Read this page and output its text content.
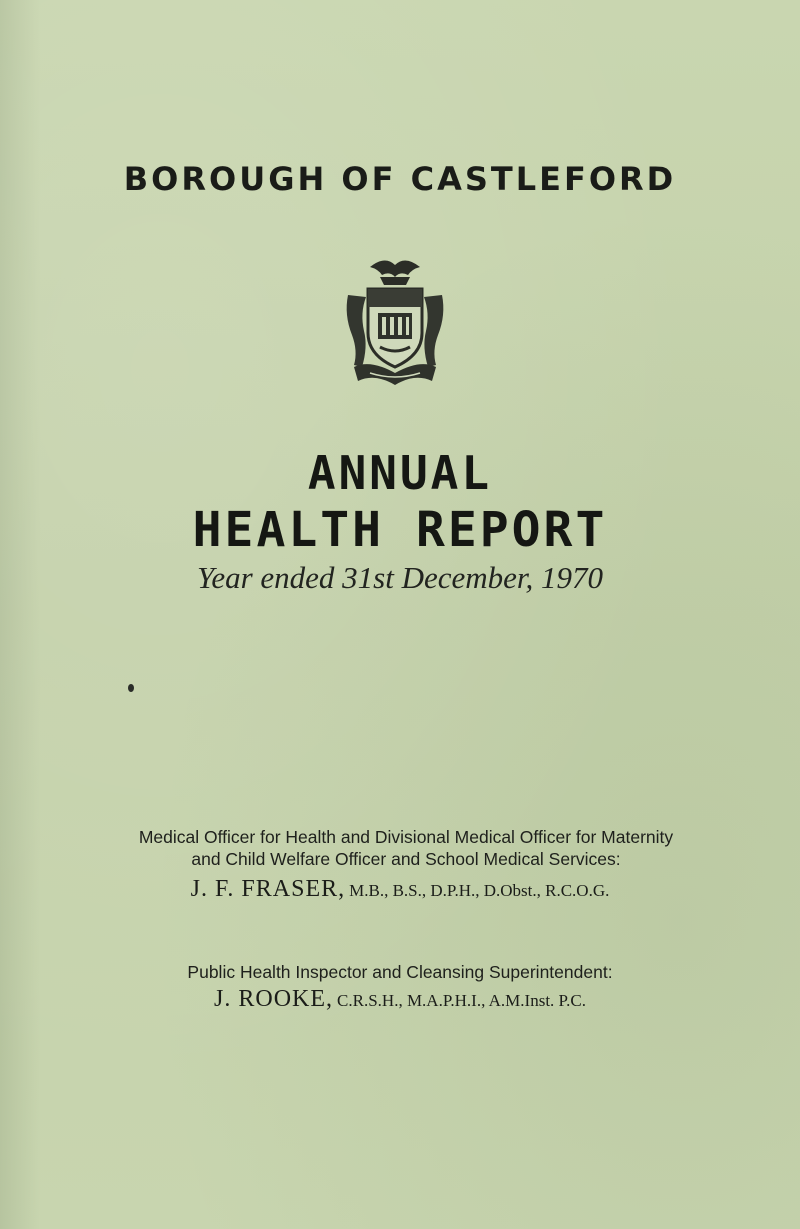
BOROUGH OF CASTLEFORD
ANNUAL
HEALTH REPORT
Year ended 31st December, 1970
Medical Officer for Health and Divisional Medical Officer for Maternity and Child Welfare Officer and School Medical Services:
J. F. FRASER, M.B., B.S., D.P.H., D.Obst., R.C.O.G.
Public Health Inspector and Cleansing Superintendent:
J. ROOKE, C.R.S.H., M.A.P.H.I., A.M.Inst. P.C.
